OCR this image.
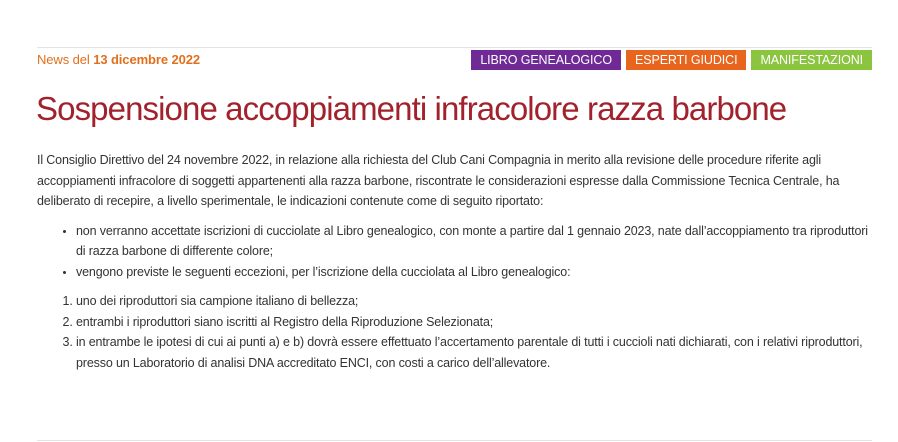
News del 13 dicembre 2022	LIBRO GENEALOGICO	ESPERTI GIUDICI	MANIFESTAZIONI
Sospensione accoppiamenti infracolore razza barbone

Il Consiglio Direttivo del 24 novembre 2022, in relazione alla richiesta del Club Cani Compagnia in merito alla revisione delle procedure riferite agli accoppiamenti infracolore di soggetti appartenenti alla razza barbone, riscontrate le considerazioni espresse dalla Commissione Tecnica Centrale, ha deliberato di recepire, a livello sperimentale, le indicazioni contenute come di seguito riportato:

• non verranno accettate iscrizioni di cucciolate al Libro genealogico, con monte a partire dal 1 gennaio 2023, nate dall’accoppiamento tra riproduttori di razza barbone di differente colore;
• vengono previste le seguenti eccezioni, per l’iscrizione della cucciolata al Libro genealogico:
1. uno dei riproduttori sia campione italiano di bellezza;
2. entrambi i riproduttori siano iscritti al Registro della Riproduzione Selezionata;
3. in entrambe le ipotesi di cui ai punti a) e b) dovrà essere effettuato l’accertamento parentale di tutti i cuccioli nati dichiarati, con i relativi riproduttori, presso un Laboratorio di analisi DNA accreditato ENCI, con costi a carico dell’allevatore.
